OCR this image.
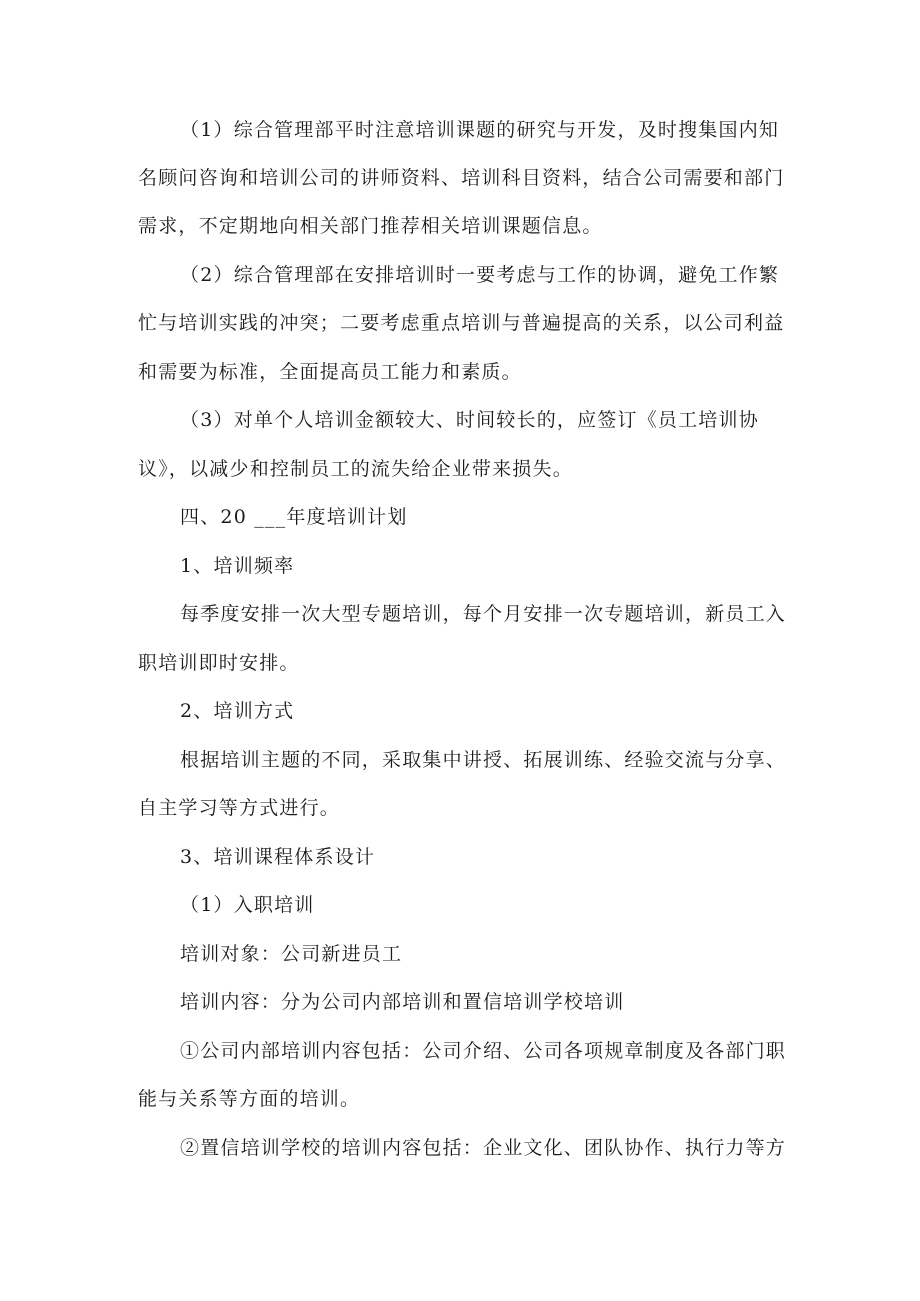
（1）综合管理部平时注意培训课题的研究与开发，及时搜集国内知
名顾问咨询和培训公司的讲师资料、培训科目资料，结合公司需要和部门
需求，不定期地向相关部门推荐相关培训课题信息。
（2）综合管理部在安排培训时一要考虑与工作的协调，避免工作繁
忙与培训实践的冲突；二要考虑重点培训与普遍提高的关系，以公司利益
和需要为标准，全面提高员工能力和素质。
（3）对单个人培训金额较大、时间较长的，应签订《员工培训协
议》，以减少和控制员工的流失给企业带来损失。
四、20 ___年度培训计划
1、培训频率
每季度安排一次大型专题培训，每个月安排一次专题培训，新员工入
职培训即时安排。
2、培训方式
根据培训主题的不同，采取集中讲授、拓展训练、经验交流与分享、
自主学习等方式进行。
3、培训课程体系设计
（1）入职培训
培训对象：公司新进员工
培训内容：分为公司内部培训和置信培训学校培训
①公司内部培训内容包括：公司介绍、公司各项规章制度及各部门职
能与关系等方面的培训。
②置信培训学校的培训内容包括：企业文化、团队协作、执行力等方
